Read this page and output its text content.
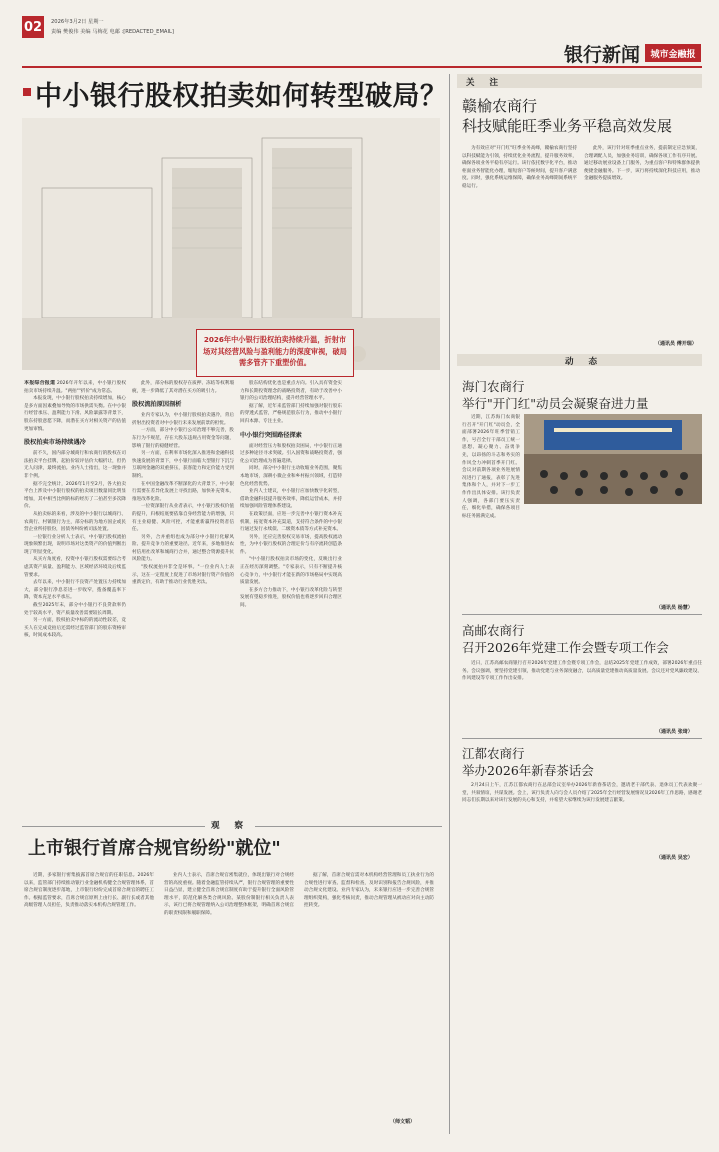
02	2026年3月2日 星期一
责编 樊俊伟 美编 马梅花 电邮 :[REDACTED_EMAIL]
银行新闻	城市金融报
中小银行股权拍卖如何转型破局？
2026年中小银行股权拍卖持续升温，折射市场对其经营风险与盈利能力的深度审视，破局需多管齐下重塑价值。
本报综合报道 2026年开年以来，中小银行股权拍卖市场持续升温。"两拍""折价"成为常态。
本报发现，中小银行股权拍卖持续增加，核心是多方面因素叠加导致的市场供需失衡。在中小银行经营承压、盈利能力下滑、风险暴露等背景下，股东持股意愿下降，而潜在买方对相关资产的估值更加审慎。
股权拍卖市场持续遇冷
前不久，国内部分城商行和农商行的股权在司法拍卖平台挂牌，起拍价较评估价大幅折让，但仍无人问津，最终流拍。业内人士指出，这一现象并非个例。
据不完全统计，2026年1月至2月，各大拍卖平台上涉及中小银行股权的拍卖项目数量同比明显增加，其中相当比例的标的经历了二拍甚至多次降价。
从拍卖标的来看，涉及的中小银行以城商行、农商行、村镇银行为主，部分标的为地方国企或民营企业所持股份，因债务纠纷被司法处置。
一位银行业分析人士表示，中小银行股权流拍现象频繁出现，说明市场对这类资产的价值判断出现了明显变化。
从买方角度看，投资中小银行股权需要综合考虑其资产质量、盈利能力、区域经济环境及后续监管要求。
去年以来，中小银行不良资产处置压力持续加大，部分银行净息差进一步收窄，拨备覆盖率下降，资本充足水平承压。
截至2025年末，部分中小银行不良贷款率仍处于较高水平，资产质量改善需要较长周期。
另一方面，股权拍卖中标的的流动性较差，竞买人在完成竞拍后还需经过监管部门的股东资格审核，时间成本较高。
此外，部分标的股权存在质押、冻结等权利瑕疵，进一步降低了其对潜在买方的吸引力。
股权流拍原因剖析
业内专家认为，中小银行股权拍卖遇冷，背后折射出投资者对中小银行未来发展前景的担忧。
一方面，部分中小银行公司治理不够完善，股东行为不规范，存在大股东违规占用资金等问题，影响了银行的稳健经营。
另一方面，在利率市场化深入推进和金融科技快速发展的背景下，中小银行面临大型银行下沉与互联网金融的双重挤压，获客能力和定价能力受到制约。
在中国金融改革不断深化的大背景下，中小银行需要在差异化发展上寻找出路，加快补充资本，推进改革化险。
一位资深银行从业者表示，中小银行股权价值的提升，归根结底要依靠自身经营能力的增强，只有主业稳健、风险可控，才能重新赢得投资者信任。
另外，合并重组也成为部分中小银行化解风险、提升竞争力的重要途径。近年来，多地推进农村信用社改革和城商行合并，通过整合资源提升抗风险能力。
"股权流拍并非全是坏事。"一位业内人士表示，这在一定程度上促进了市场对银行资产价值的重新定价，有助于推动行业优胜劣汰。
股东结构优化也是重点方向。引入具有资金实力和长期投资理念的战略投资者，有助于改善中小银行的公司治理结构，提升经营管理水平。
据了解，近年来监管部门持续加强对银行股东的穿透式监管，严格规范股东行为，推动中小银行回归本源、专注主业。
中小银行突围路径探索
面对经营压力和股权拍卖困局，中小银行正通过多种途径寻求突破。引入国资和战略投资者，强化公司治理成为普遍选择。
同时，部分中小银行主动收缩业务范围，聚焦本地市场，深耕小微企业和乡村振兴领域，打造特色化经营优势。
业内人士建议，中小银行应加快数字化转型，借助金融科技提升服务效率，降低运营成本，并持续加强风险管理体系建设。
在政策层面，应进一步完善中小银行资本补充机制，拓宽资本补充渠道，支持符合条件的中小银行通过发行永续债、二级资本债等方式补充资本。
另外，还应完善股权交易市场，提高股权流动性，为中小银行股权的合理定价与有序流转创造条件。
"中小银行股权拍卖市场的变化，反映出行业正在经历深刻调整。"专家表示，只有不断提升核心竞争力，中小银行才能在新的市场格局中实现高质量发展。
在多方合力推动下，中小银行改革化险与转型发展有望稳步推进，股权价值也将逐步回归合理区间。
观 察
上市银行首席合规官纷纷"就位"
近期，多家银行密集披露首席合规官的任职信息。2026年以来，监管部门持续推动银行业金融机构健全合规管理体系，首席合规官制度逐步落地，上市银行纷纷完成首席合规官的聘任工作。根据监管要求，首席合规官原则上由行长、副行长或者其他高级管理人员担任，负责推动落实本机构合规管理工作。
业内人士表示，首席合规官密集就位，体现出银行对合规经营的高度重视。随着金融监管持续从严，银行合规管理的重要性日益凸显，建立健全首席合规官制度有助于提升银行全面风险管理水平，防范化解各类合规风险。某股份制银行相关负责人表示，该行已将合规管理纳入公司治理整体框架，明确首席合规官的职责权限和履职保障。
据了解，首席合规官需对本机构经营管理和员工执业行为的合规性进行审查、监督和检查，及时识别和报告合规风险，并推动合规文化建设。业内专家认为，未来银行应进一步完善合规管理组织架构，强化考核问责，推动合规管理从被动应对向主动防控转变。
（师文韬）
关 注
赣榆农商行
科技赋能旺季业务平稳高效发展
为有效应对"开门红"旺季业务高峰，赣榆农商行坚持以科技赋能为引领，持续优化业务流程，提升服务效率，确保各项业务平稳有序运行。该行依托数字化平台，推动柜面业务智能化办理，缩短客户等候时间，提升客户满意度。同时，强化系统运维保障，确保业务高峰期间系统平稳运行。
此外，该行针对旺季重点业务，提前制定应急预案，合理调配人员，加强业务培训，确保各项工作有序开展。通过移动展业设备上门服务，为重点客户和特殊群体提供便捷金融服务。下一步，该行将持续深化科技应用，推动金融服务提质增效。
（通讯员 傅开瑞）
动 态
海门农商行
举行"开门红"动员会凝聚奋进力量
近期，江苏海门农商银行召开"开门红"动员会，全面部署2026年旺季营销工作，号召全行干部员工统一思想、凝心聚力、奋勇争先，以昂扬的斗志和务实的作风全力冲刺首季开门红。会议对前期各项业务进展情况进行了通报，表彰了先进集体和个人，并对下一步工作作出具体安排。该行负责人强调，各部门要压实责任，细化举措，确保各项目标任务圆满完成。
（通讯员 杨慧）
高邮农商行
召开2026年党建工作会暨专项工作会
近日，江苏高邮农商银行召开2026年党建工作会暨专项工作会，总结2025年党建工作成效，部署2026年重点任务。会议强调，要坚持党建引领，推动党建与业务深度融合，以高质量党建推动高质量发展。会议还对党风廉政建设、作风建设等专项工作作出安排。
（通讯员 张琦）
江都农商行
举办2026年新春茶话会
2月24日上午，江苏江都农商行在总部会议室举办2026年新春茶话会，邀请老干部代表、退休员工代表欢聚一堂，共叙情谊，共谋发展。会上，该行负责人向与会人员介绍了2025年全行经营发展情况及2026年工作思路，感谢老同志们长期以来对该行发展的关心和支持，并希望大家继续为该行发展建言献策。
（通讯员 吴宏）
